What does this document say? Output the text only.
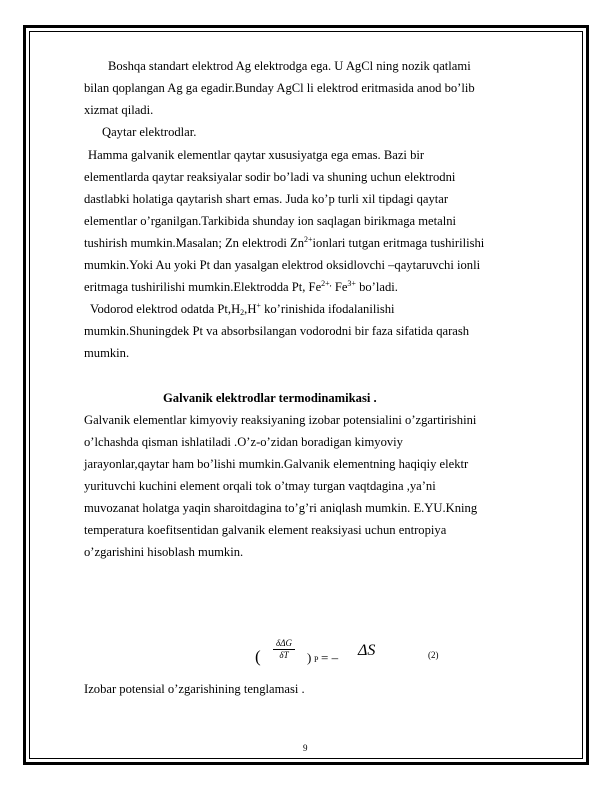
Boshqa standart elektrod Ag elektrodga ega. U AgCl ning nozik qatlami
bilan qoplangan Ag ga egadir.Bunday AgCl li elektrod eritmasida anod bo’lib
xizmat qiladi.
Qaytar elektrodlar.
Hamma galvanik elementlar qaytar xususiyatga ega emas. Bazi bir
elementlarda qaytar reaksiyalar sodir bo’ladi va shuning uchun elektrodni
dastlabki holatiga qaytarish shart emas. Juda ko’p turli xil tipdagi qaytar
elementlar o’rganilgan.Tarkibida shunday ion saqlagan birikmaga metalni
tushirish mumkin.Masalan; Zn elektrodi $Zn^{2+}ionlari$ tutgan eritmaga tushirilishi
mumkin.Yoki Au yoki Pt dan yasalgan elektrod oksidlovchi –qaytaruvchi ionli
eritmaga tushirilishi mumkin.Elektrodda Pt, $Fe^{2+,}$ $Fe^{3+}$ bo’ladi.
Vodorod elektrod odatda $Pt,H_2,H^+$ ko’rinishida ifodalanilishi
mumkin.Shuningdek Pt va absorbsilangan vodorodni bir faza sifatida qarash
mumkin.
Galvanik elektrodlar termodinamikasi .
Galvanik elementlar kimyoviy reaksiyaning izobar potensialini o’zgartirishini
o’lchashda qisman ishlatiladi .O’z-o’zidan boradigan kimyoviy
jarayonlar,qaytar ham bo’lishi mumkin.Galvanik elementning haqiqiy elektr
yurituvchi kuchini element orqali tok o’tmay turgan vaqtdagina ,ya’ni
muvozanat holatga yaqin sharoitdagina to’g’ri aniqlash mumkin. E.YU.Kning
temperatura koefitsentidan galvanik element reaksiyasi uchun entropiya
o’zgarishini hisoblash mumkin.
(
δΔG
δT	) P = – ΔS	(2)
Izobar potensial o’zgarishining tenglamasi .
9
